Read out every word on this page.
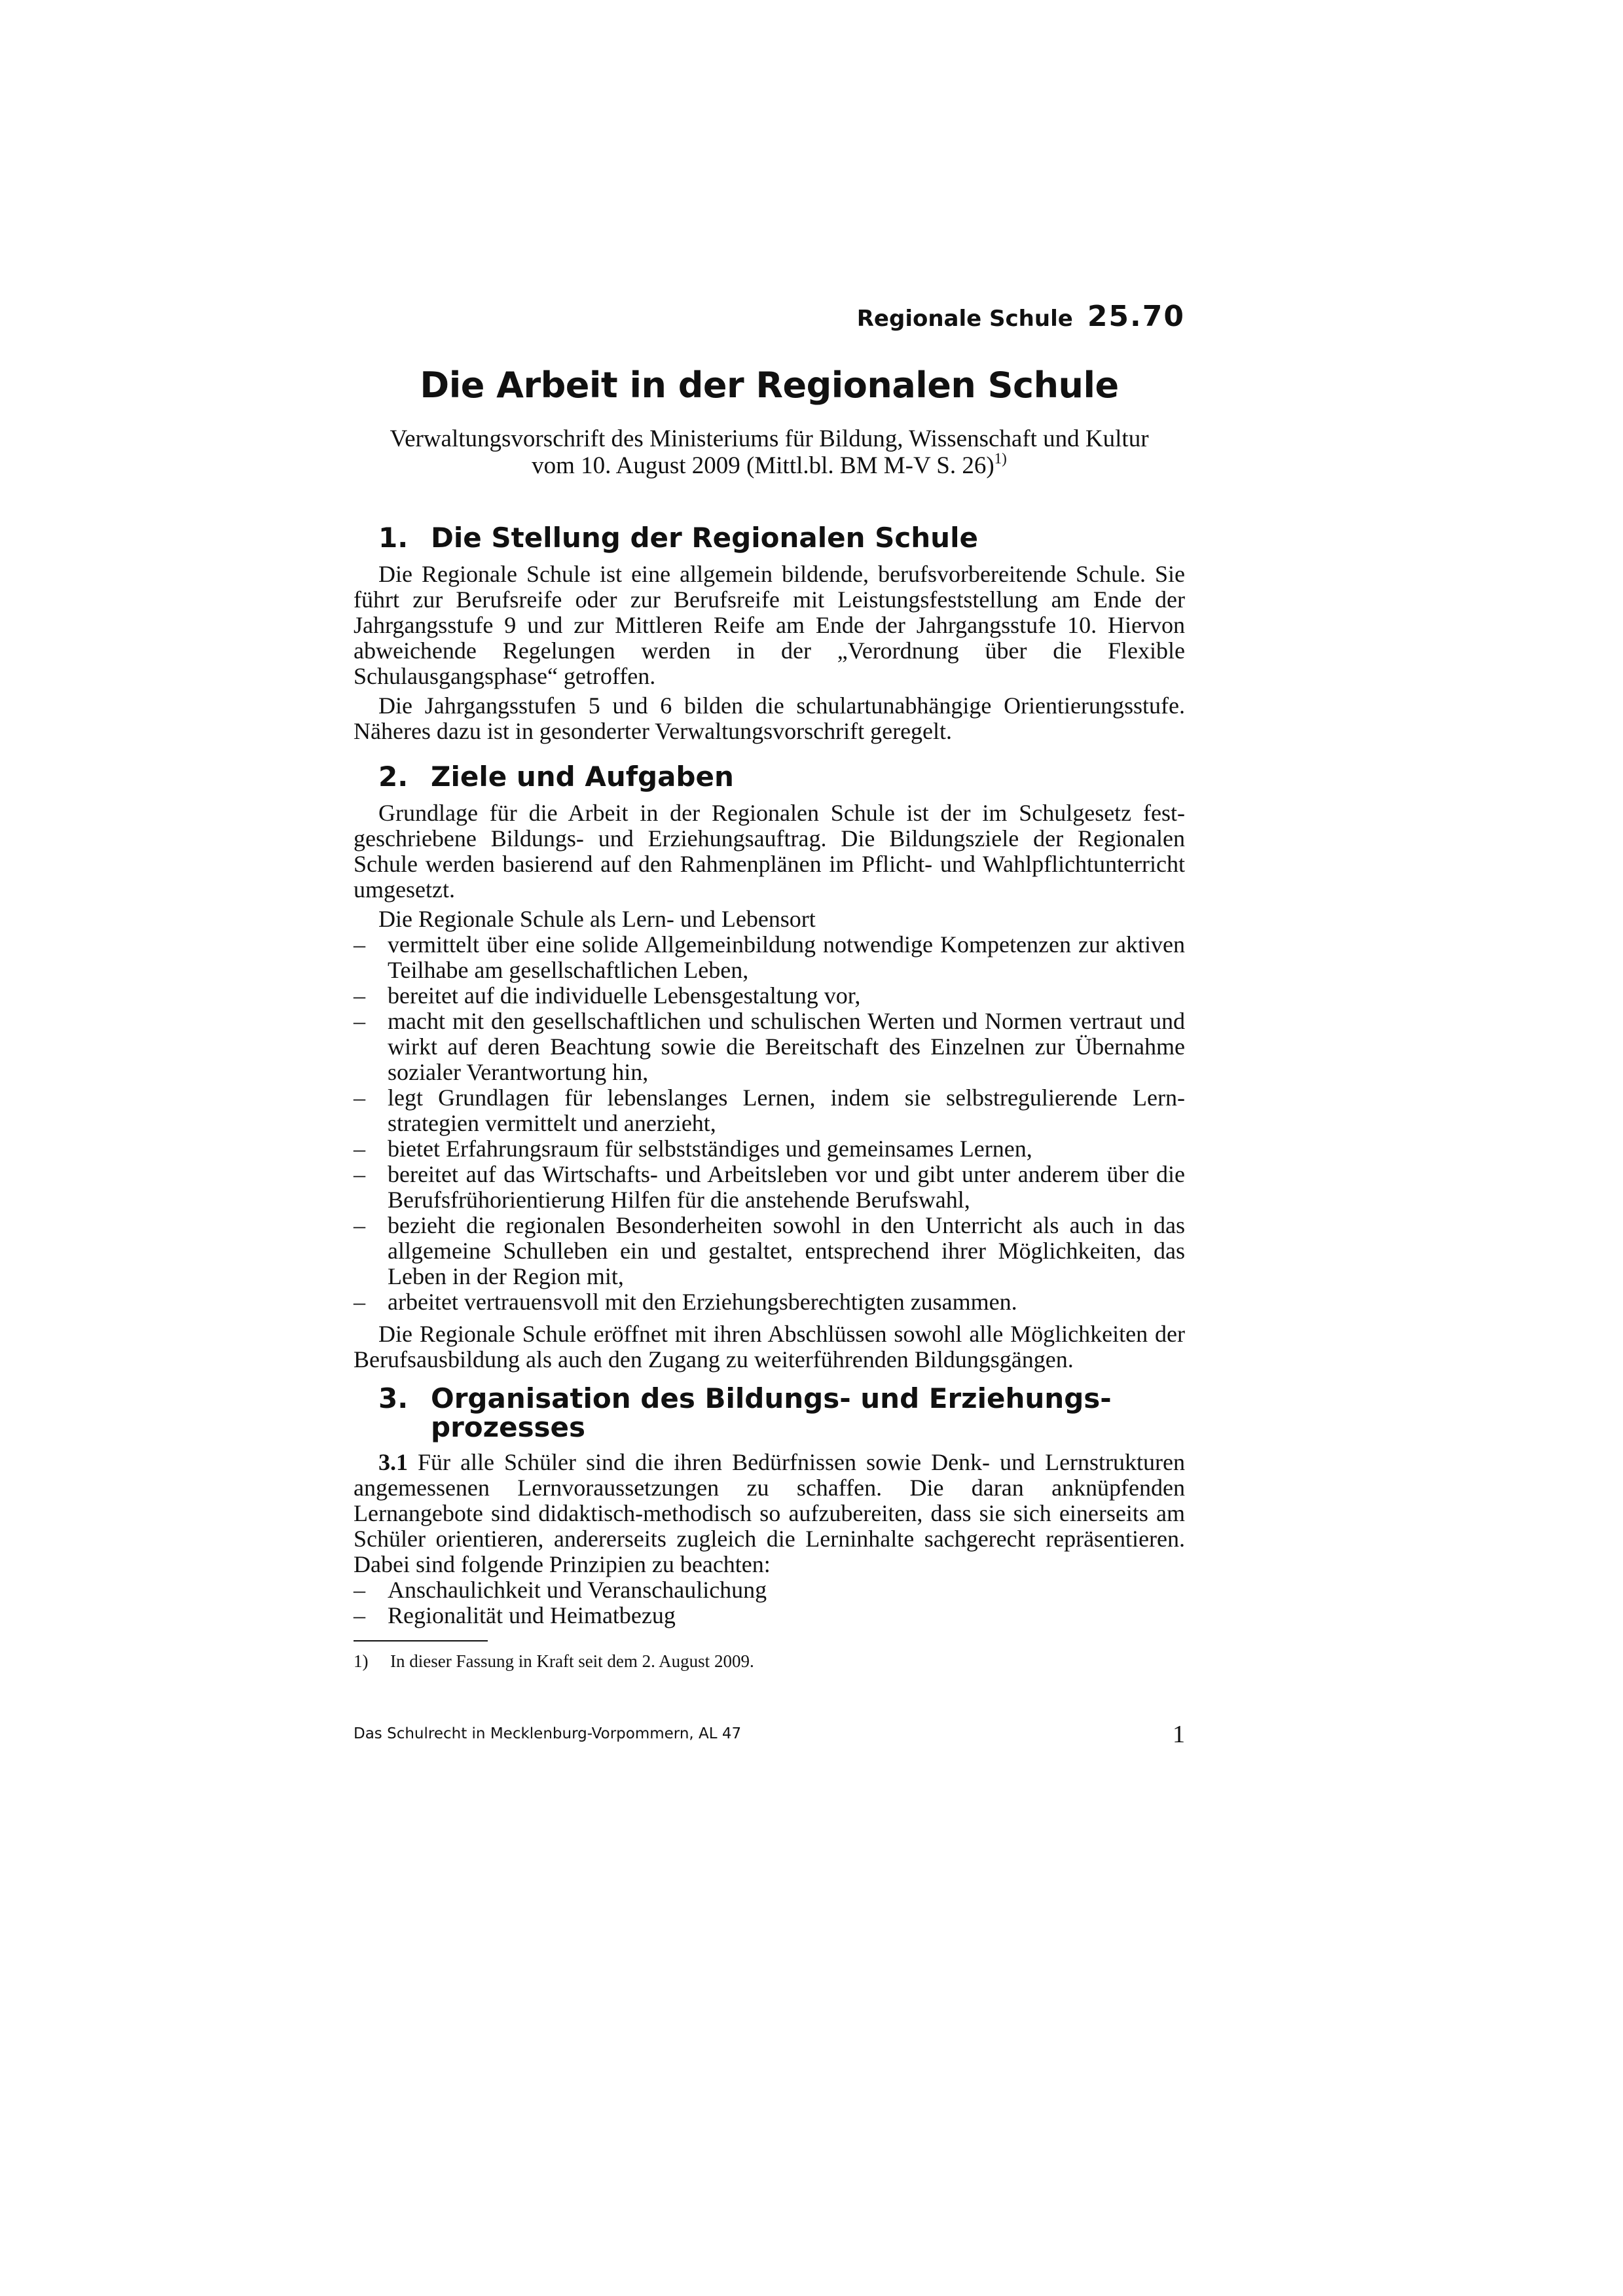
Regionale Schule 25.70
Die Arbeit in der Regionalen Schule
Verwaltungsvorschrift des Ministeriums für Bildung, Wissenschaft und Kultur
vom 10. August 2009 (Mittl.bl. BM M-V S. 26)$^{1)}$
1. Die Stellung der Regionalen Schule

Die Regionale Schule ist eine allgemein bildende, berufsvorbereitende Schule. Sie führt zur Berufsreife oder zur Berufsreife mit Leistungsfeststellung am Ende der Jahrgangsstufe 9 und zur Mittleren Reife am Ende der Jahrgangsstufe 10. Hiervon abweichende Regelungen werden in der „Verordnung über die Flexible Schulausgangsphase“ getroffen.

Die Jahrgangsstufen 5 und 6 bilden die schulartunabhängige Orientierungsstufe. Näheres dazu ist in gesonderter Verwaltungsvorschrift geregelt.

2. Ziele und Aufgaben

Grundlage für die Arbeit in der Regionalen Schule ist der im Schulgesetz festgeschriebene Bildungs- und Erziehungsauftrag. Die Bildungsziele der Regionalen Schule werden basierend auf den Rahmenplänen im Pflicht- und Wahlpflichtunterricht umgesetzt.

Die Regionale Schule als Lern- und Lebensort

– vermittelt über eine solide Allgemeinbildung notwendige Kompetenzen zur aktiven Teilhabe am gesellschaftlichen Leben,
– bereitet auf die individuelle Lebensgestaltung vor,
– macht mit den gesellschaftlichen und schulischen Werten und Normen vertraut und wirkt auf deren Beachtung sowie die Bereitschaft des Einzelnen zur Übernahme sozialer Verantwortung hin,
– legt Grundlagen für lebenslanges Lernen, indem sie selbstregulierende Lernstrategien vermittelt und anerzieht,
– bietet Erfahrungsraum für selbstständiges und gemeinsames Lernen,
– bereitet auf das Wirtschafts- und Arbeitsleben vor und gibt unter anderem über die Berufsfrühorientierung Hilfen für die anstehende Berufswahl,
– bezieht die regionalen Besonderheiten sowohl in den Unterricht als auch in das allgemeine Schulleben ein und gestaltet, entsprechend ihrer Möglichkeiten, das Leben in der Region mit,
– arbeitet vertrauensvoll mit den Erziehungsberechtigten zusammen.

Die Regionale Schule eröffnet mit ihren Abschlüssen sowohl alle Möglichkeiten der Berufsausbildung als auch den Zugang zu weiterführenden Bildungsgängen.

3. Organisation des Bildungs- und Erziehungs-
prozesses

3.1 Für alle Schüler sind die ihren Bedürfnissen sowie Denk- und Lernstrukturen angemessenen Lernvoraussetzungen zu schaffen. Die daran anknüpfenden Lernangebote sind didaktisch-methodisch so aufzubereiten, dass sie sich einerseits am Schüler orientieren, andererseits zugleich die Lerninhalte sachgerecht repräsentieren. Dabei sind folgende Prinzipien zu beachten:

– Anschaulichkeit und Veranschaulichung
– Regionalität und Heimatbezug
1) In dieser Fassung in Kraft seit dem 2. August 2009.
Das Schulrecht in Mecklenburg-Vorpommern, AL 47	1
